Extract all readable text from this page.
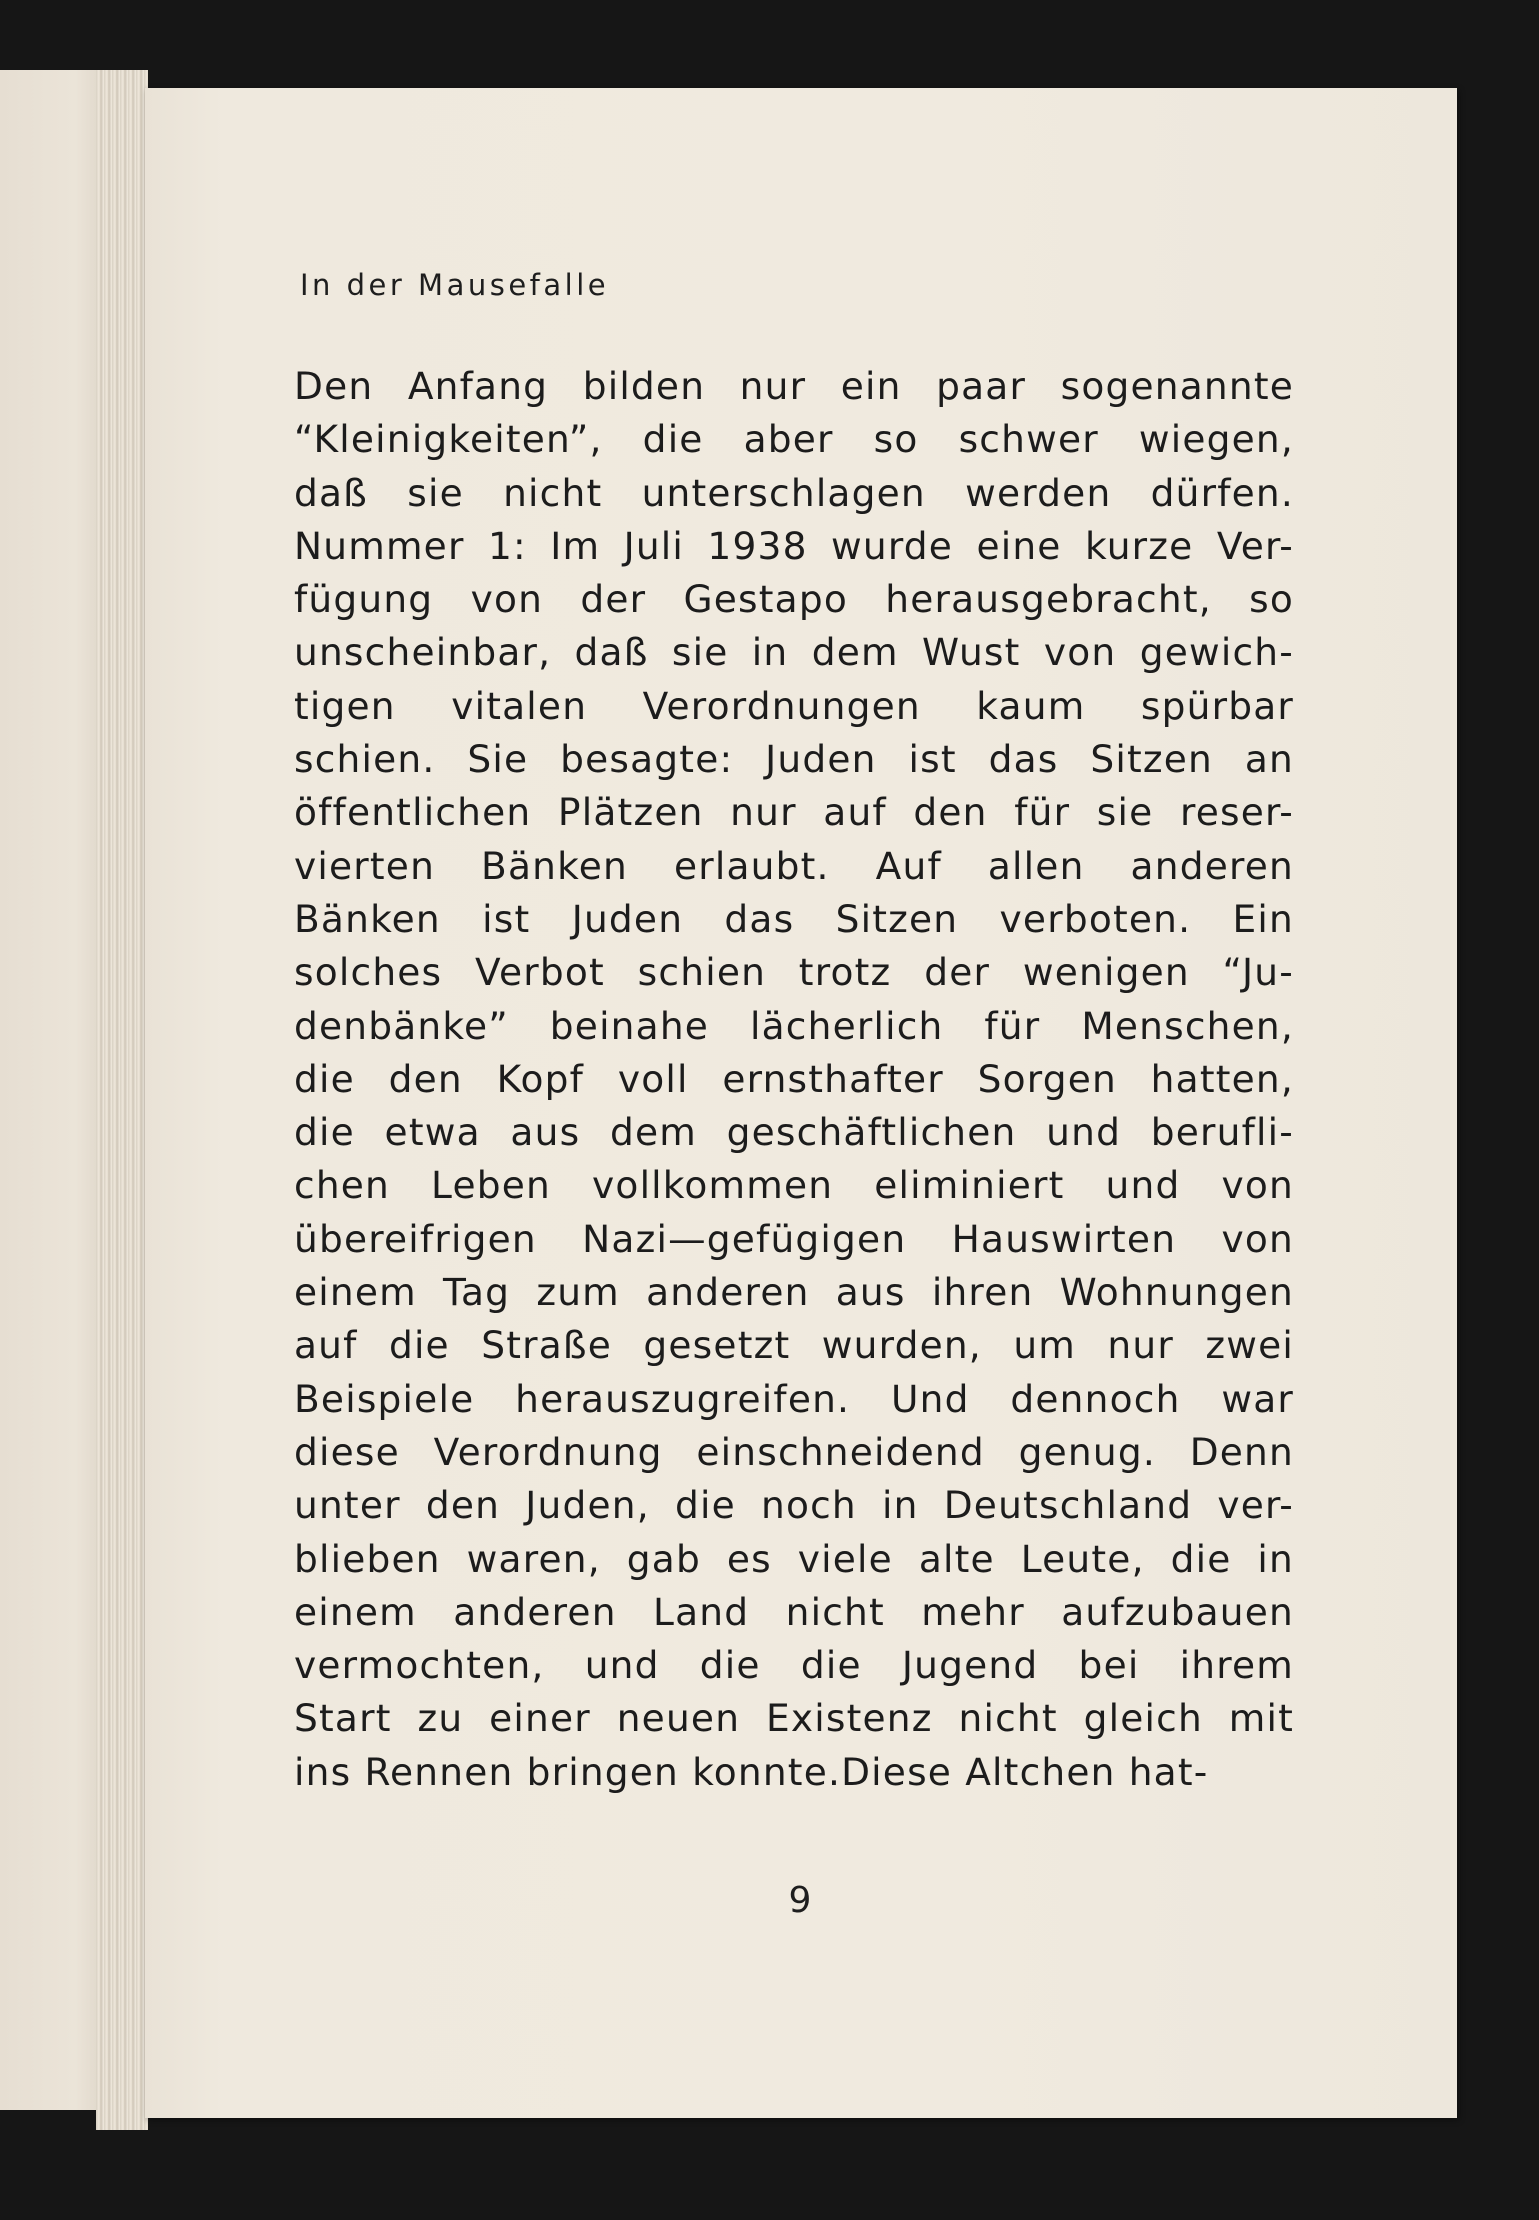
In der Mausefalle
Den Anfang bilden nur ein paar sogenannte
“Kleinigkeiten”, die aber so schwer wiegen,
daß sie nicht unterschlagen werden dürfen.
Nummer 1: Im Juli 1938 wurde eine kurze Ver-
fügung von der Gestapo herausgebracht, so
unscheinbar, daß sie in dem Wust von gewich-
tigen vitalen Verordnungen kaum spürbar
schien. Sie besagte: Juden ist das Sitzen an
öffentlichen Plätzen nur auf den für sie reser-
vierten Bänken erlaubt. Auf allen anderen
Bänken ist Juden das Sitzen verboten. Ein
solches Verbot schien trotz der wenigen “Ju-
denbänke” beinahe lächerlich für Menschen,
die den Kopf voll ernsthafter Sorgen hatten,
die etwa aus dem geschäftlichen und berufli-
chen Leben vollkommen eliminiert und von
übereifrigen Nazi—gefügigen Hauswirten von
einem Tag zum anderen aus ihren Wohnungen
auf die Straße gesetzt wurden, um nur zwei
Beispiele herauszugreifen. Und dennoch war
diese Verordnung einschneidend genug. Denn
unter den Juden, die noch in Deutschland ver-
blieben waren, gab es viele alte Leute, die in
einem anderen Land nicht mehr aufzubauen
vermochten, und die die Jugend bei ihrem
Start zu einer neuen Existenz nicht gleich mit
ins Rennen bringen konnte.Diese Altchen hat-
9
